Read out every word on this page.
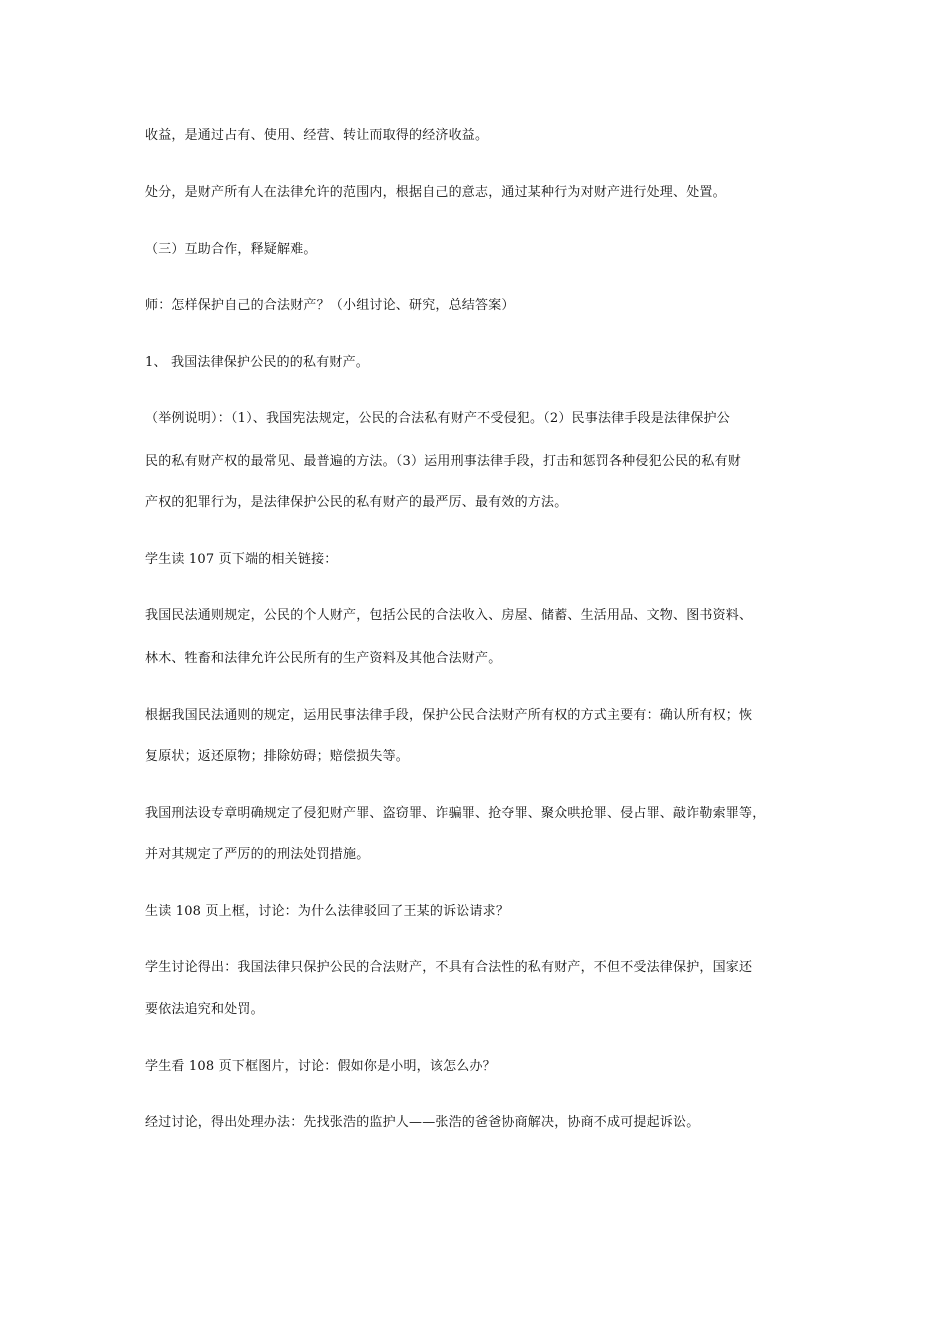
收益，是通过占有、使用、经营、转让而取得的经济收益。
处分，是财产所有人在法律允许的范围内，根据自己的意志，通过某种行为对财产进行处理、处置。
（三）互助合作，释疑解难。
师：怎样保护自己的合法财产？（小组讨论、研究，总结答案）
1、 我国法律保护公民的的私有财产。
（举例说明）：（1）、我国宪法规定，公民的合法私有财产不受侵犯。（2）民事法律手段是法律保护公
民的私有财产权的最常见、最普遍的方法。（3）运用刑事法律手段，打击和惩罚各种侵犯公民的私有财
产权的犯罪行为，是法律保护公民的私有财产的最严厉、最有效的方法。
学生读 107 页下端的相关链接：
我国民法通则规定，公民的个人财产，包括公民的合法收入、房屋、储蓄、生活用品、文物、图书资料、
林木、牲畜和法律允许公民所有的生产资料及其他合法财产。
根据我国民法通则的规定，运用民事法律手段，保护公民合法财产所有权的方式主要有：确认所有权；恢
复原状；返还原物；排除妨碍；赔偿损失等。
我国刑法设专章明确规定了侵犯财产罪、盗窃罪、诈骗罪、抢夺罪、聚众哄抢罪、侵占罪、敲诈勒索罪等，
并对其规定了严厉的的刑法处罚措施。
生读 108 页上框，讨论：为什么法律驳回了王某的诉讼请求？
学生讨论得出：我国法律只保护公民的合法财产，不具有合法性的私有财产，不但不受法律保护，国家还
要依法追究和处罚。
学生看 108 页下框图片，讨论：假如你是小明，该怎么办？
经过讨论，得出处理办法：先找张浩的监护人——张浩的爸爸协商解决，协商不成可提起诉讼。
